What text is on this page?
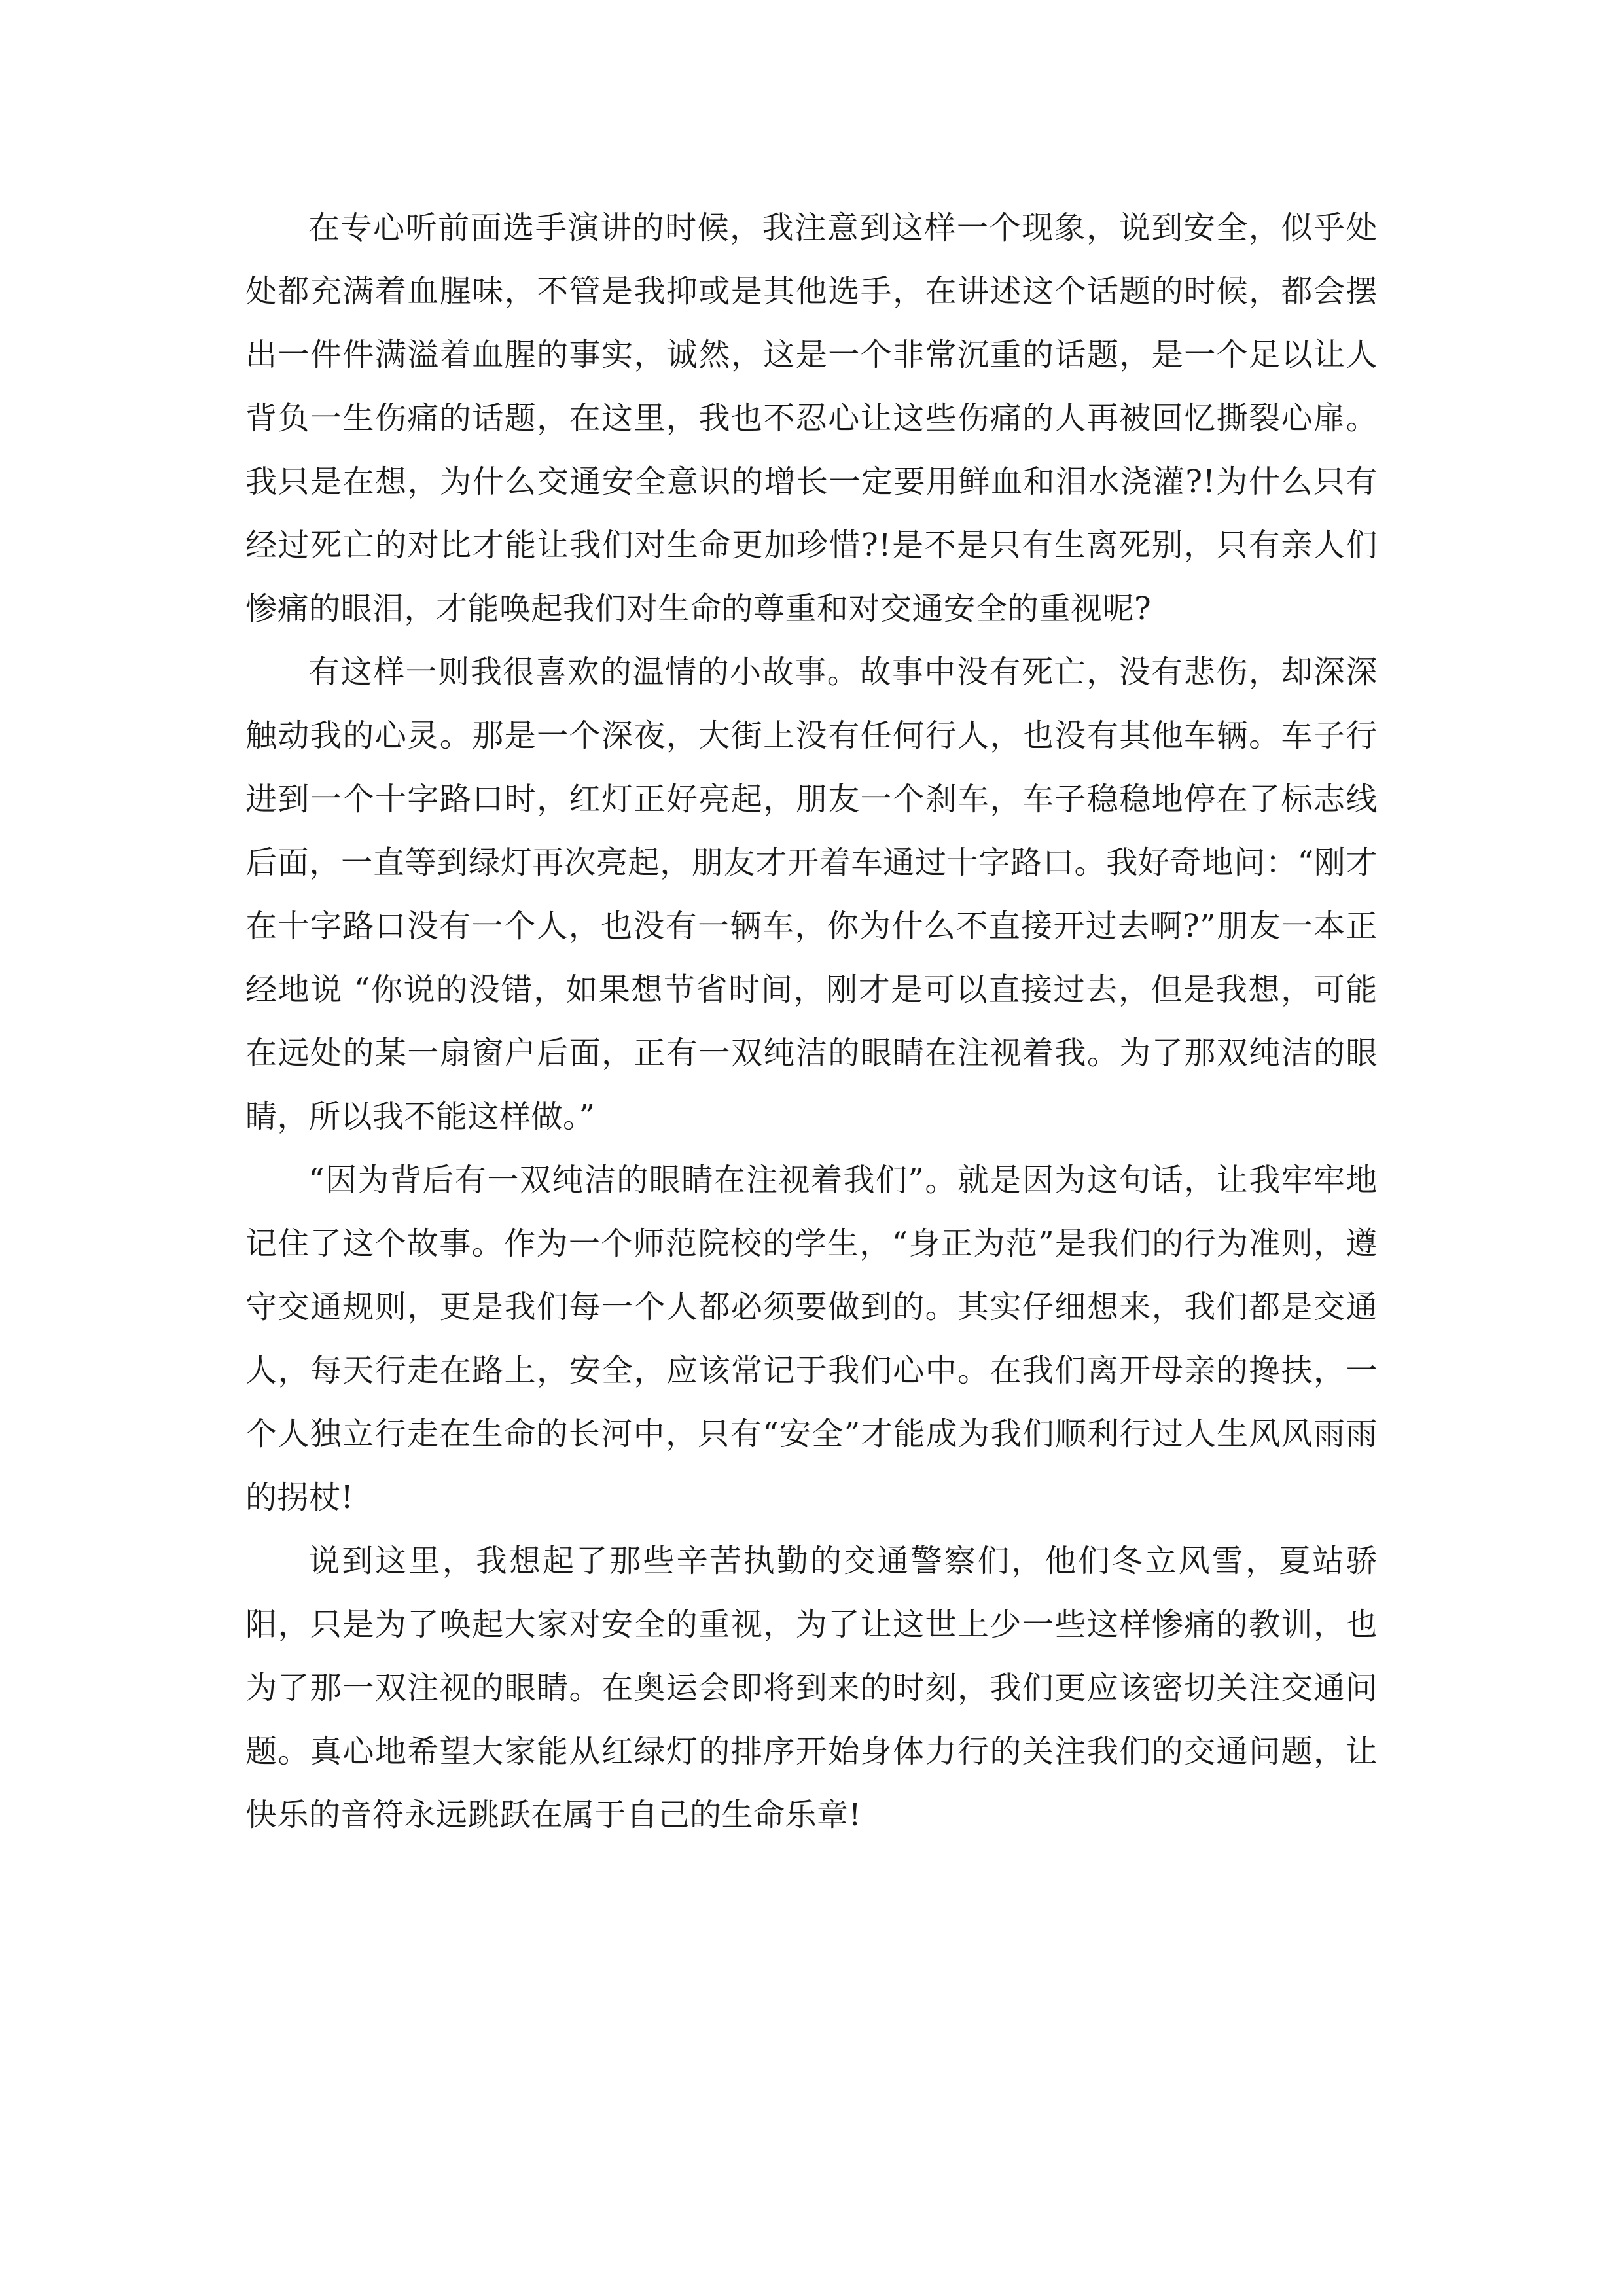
在专心听前面选手演讲的时候，我注意到这样一个现象，说到安全，似乎处处都充满着血腥味，不管是我抑或是其他选手，在讲述这个话题的时候，都会摆出一件件满溢着血腥的事实，诚然，这是一个非常沉重的话题，是一个足以让人背负一生伤痛的话题，在这里，我也不忍心让这些伤痛的人再被回忆撕裂心扉。我只是在想，为什么交通安全意识的增长一定要用鲜血和泪水浇灌?!为什么只有经过死亡的对比才能让我们对生命更加珍惜?!是不是只有生离死别，只有亲人们惨痛的眼泪，才能唤起我们对生命的尊重和对交通安全的重视呢?

有这样一则我很喜欢的温情的小故事。故事中没有死亡，没有悲伤，却深深触动我的心灵。那是一个深夜，大街上没有任何行人，也没有其他车辆。车子行进到一个十字路口时，红灯正好亮起，朋友一个刹车，车子稳稳地停在了标志线后面，一直等到绿灯再次亮起，朋友才开着车通过十字路口。我好奇地问：“刚才在十字路口没有一个人，也没有一辆车，你为什么不直接开过去啊?”朋友一本正经地说 “你说的没错，如果想节省时间，刚才是可以直接过去，但是我想，可能在远处的某一扇窗户后面，正有一双纯洁的眼睛在注视着我。为了那双纯洁的眼睛，所以我不能这样做。”

“因为背后有一双纯洁的眼睛在注视着我们”。就是因为这句话，让我牢牢地记住了这个故事。作为一个师范院校的学生，“身正为范”是我们的行为准则，遵守交通规则，更是我们每一个人都必须要做到的。其实仔细想来，我们都是交通人，每天行走在路上，安全，应该常记于我们心中。在我们离开母亲的搀扶，一个人独立行走在生命的长河中，只有“安全”才能成为我们顺利行过人生风风雨雨的拐杖!

说到这里，我想起了那些辛苦执勤的交通警察们，他们冬立风雪，夏站骄阳，只是为了唤起大家对安全的重视，为了让这世上少一些这样惨痛的教训，也为了那一双注视的眼睛。在奥运会即将到来的时刻，我们更应该密切关注交通问题。真心地希望大家能从红绿灯的排序开始身体力行的关注我们的交通问题，让快乐的音符永远跳跃在属于自己的生命乐章!
